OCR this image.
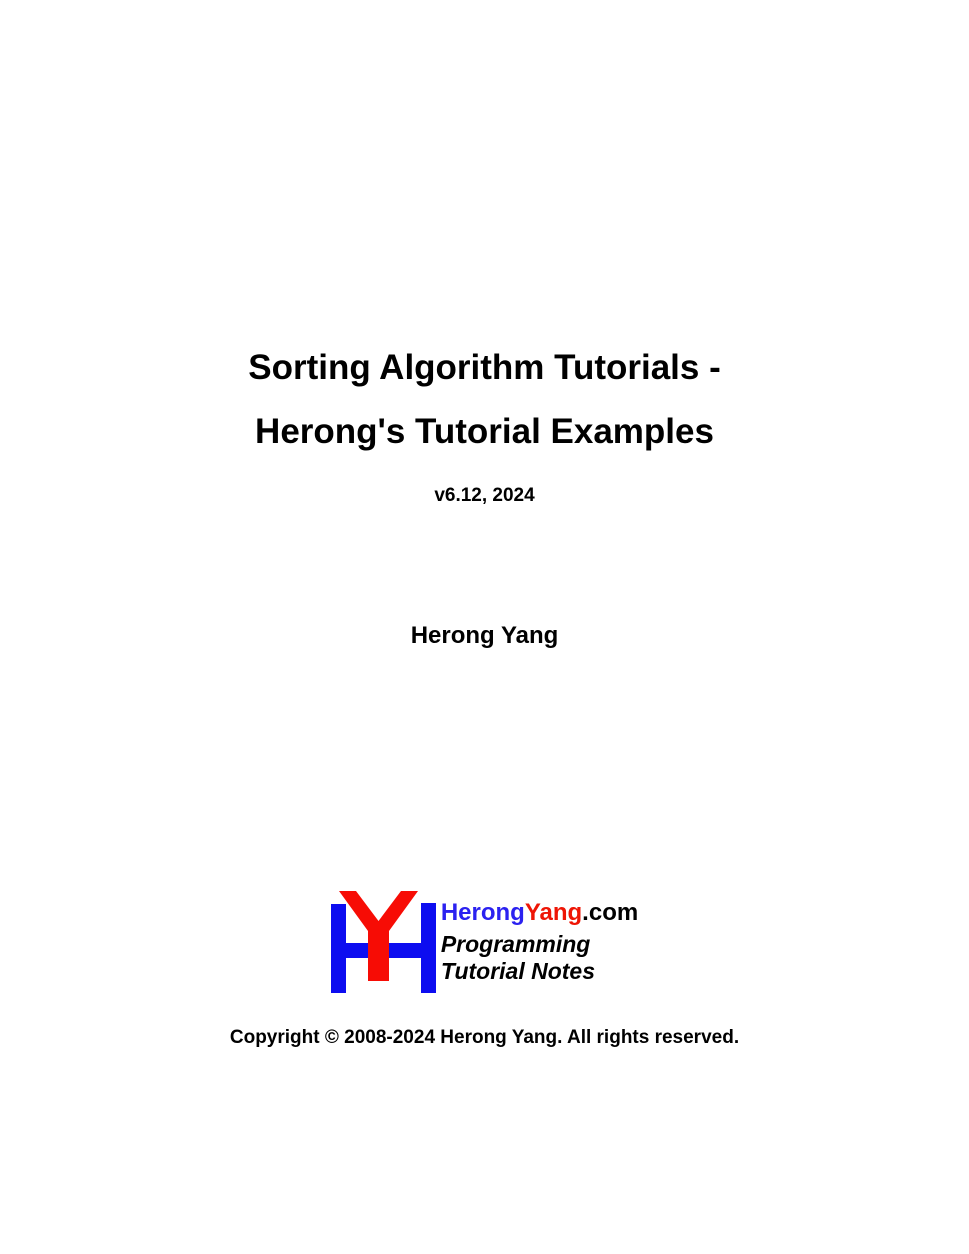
Sorting Algorithm Tutorials -
Herong's Tutorial Examples
v6.12, 2024
Herong Yang
HerongYang.com
Programming
Tutorial Notes
Copyright © 2008-2024 Herong Yang. All rights reserved.
